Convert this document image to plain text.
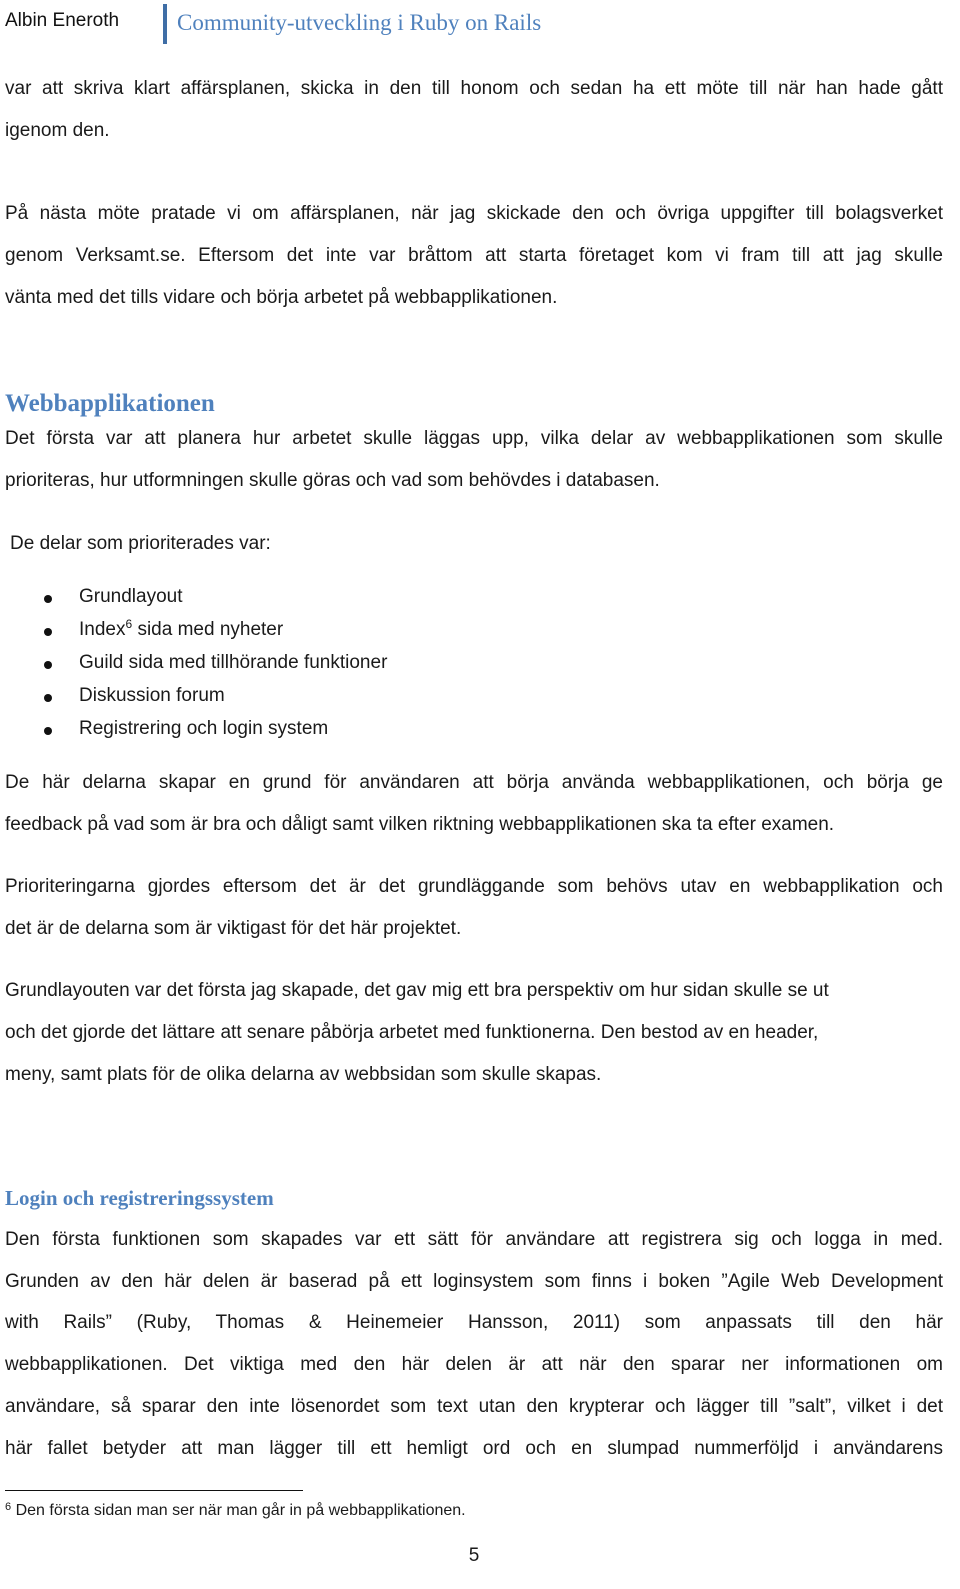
Albin Eneroth	Community-utveckling i Ruby on Rails
var att skriva klart affärsplanen, skicka in den till honom och sedan ha ett möte till när han hade gått
igenom den.
På nästa möte pratade vi om affärsplanen, när jag skickade den och övriga uppgifter till bolagsverket
genom Verksamt.se. Eftersom det inte var bråttom att starta företaget kom vi fram till att jag skulle
vänta med det tills vidare och börja arbetet på webbapplikationen.
Webbapplikationen
Det första var att planera hur arbetet skulle läggas upp, vilka delar av webbapplikationen som skulle
prioriteras, hur utformningen skulle göras och vad som behövdes i databasen.
De delar som prioriterades var:
Grundlayout
Index$^6$ sida med nyheter
Guild sida med tillhörande funktioner
Diskussion forum
Registrering och login system
De här delarna skapar en grund för användaren att börja använda webbapplikationen, och börja ge
feedback på vad som är bra och dåligt samt vilken riktning webbapplikationen ska ta efter examen.
Prioriteringarna gjordes eftersom det är det grundläggande som behövs utav en webbapplikation och
det är de delarna som är viktigast för det här projektet.
Grundlayouten var det första jag skapade, det gav mig ett bra perspektiv om hur sidan skulle se ut
och det gjorde det lättare att senare påbörja arbetet med funktionerna. Den bestod av en header,
meny, samt plats för de olika delarna av webbsidan som skulle skapas.
Login och registreringssystem
Den första funktionen som skapades var ett sätt för användare att registrera sig och logga in med.
Grunden av den här delen är baserad på ett loginsystem som finns i boken ”Agile Web Development
with Rails” (Ruby, Thomas & Heinemeier Hansson, 2011) som anpassats till den här
webbapplikationen. Det viktiga med den här delen är att när den sparar ner informationen om
användare, så sparar den inte lösenordet som text utan den krypterar och lägger till ”salt”, vilket i det
här fallet betyder att man lägger till ett hemligt ord och en slumpad nummerföljd i användarens
$^6$ Den första sidan man ser när man går in på webbapplikationen.
5
